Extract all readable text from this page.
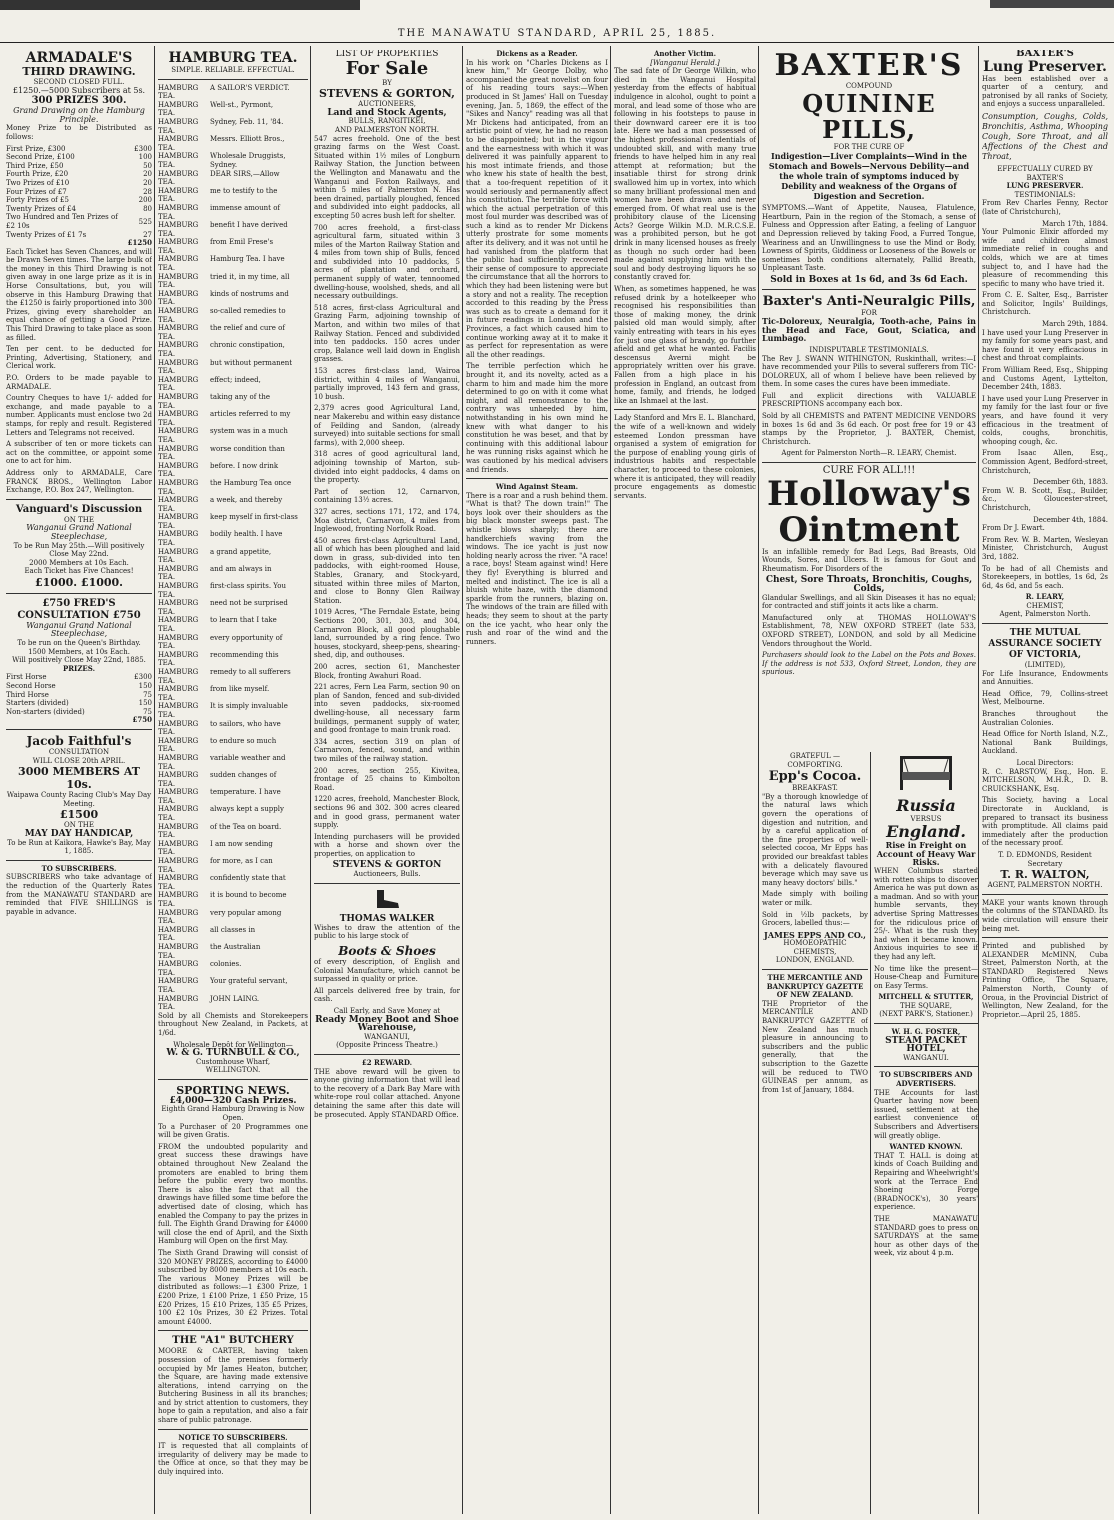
THE MANAWATU STANDARD, APRIL 25, 1885.
ARMADALE'S
THIRD DRAWING.
SECOND CLOSED FULL.
£1250.—5000 Subscribers at 5s.
300 PRIZES 300.
Grand Drawing on the Hamburg Principle.

Money Prize to be Distributed as follows:

First Prize, £300	£300
Second Prize, £100	100
Third Prize, £50	50
Fourth Prize, £20	20
Two Prizes of £10	20
Four Prizes of £7	28
Forty Prizes of £5	200
Twenty Prizes of £4	80
Two Hundred and Ten Prizes of £2 10s	525
Twenty Prizes of £1 7s	27
	£1250

Each Ticket has Seven Chances, and will be Drawn Seven times. The large bulk of the money in this Third Drawing is not given away in one large prize as it is in Horse Consultations, but, you will observe in this Hamburg Drawing that the £1250 is fairly proportioned into 300 Prizes, giving every shareholder an equal chance of getting a Good Prize. This Third Drawing to take place as soon as filled.

Ten per cent. to be deducted for Printing, Advertising, Stationery, and Clerical work.

P.O. Orders to be made payable to ARMADALE.

Country Cheques to have 1/- added for exchange, and made payable to a number. Applicants must enclose two 2d stamps, for reply and result. Registered Letters and Telegrams not received.

A subscriber of ten or more tickets can act on the committee, or appoint some one to act for him.

Address only to ARMADALE, Care FRANCK BROS., Wellington Labor Exchange, P.O. Box 247, Wellington.

Vanguard's Discussion
ON THE
Wanganui Grand National Steeplechase,
To be Run May 25th.—Will positively Close May 22nd.
2000 Members at 10s Each.
Each Ticket has Five Chances!
£1000. £1000.
£750 FRED'S CONSULTATION £750
Wanganui Grand National Steeplechase,
To be run on the Queen's Birthday.
1500 Members, at 10s Each.
Will positively Close May 22nd, 1885.
PRIZES.
First Horse	£300
Second Horse	150
Third Horse	75
Starters (divided)	150
Non-starters (divided)	75
	£750
Jacob Faithful's
CONSULTATION
WILL CLOSE 20th APRIL.
3000 MEMBERS AT 10s.
Waipawa County Racing Club's May Day Meeting.
£1500
ON THE
MAY DAY HANDICAP,
To be Run at Kaikora, Hawke's Bay, May 1, 1885.
TO SUBSCRIBERS.

SUBSCRIBERS who take advantage of the reduction of the Quarterly Rates from the MANAWATU STANDARD are reminded that FIVE SHILLINGS is payable in advance.

HAMBURG TEA.
SIMPLE. RELIABLE. EFFECTUAL.
HAMBURG TEA.
A SAILOR'S VERDICT.
HAMBURG TEA.
Well-st., Pyrmont,
HAMBURG TEA.
Sydney, Feb. 11, '84.
HAMBURG TEA.
Messrs. Elliott Bros.,
HAMBURG TEA.
Wholesale Druggists, Sydney.
HAMBURG TEA.
DEAR SIRS,—Allow
HAMBURG TEA.
me to testify to the
HAMBURG TEA.
immense amount of
HAMBURG TEA.
benefit I have derived
HAMBURG TEA.
from Emil Frese's
HAMBURG TEA.
Hamburg Tea. I have
HAMBURG TEA.
tried it, in my time, all
HAMBURG TEA.
kinds of nostrums and
HAMBURG TEA.
so-called remedies to
HAMBURG TEA.
the relief and cure of
HAMBURG TEA.
chronic constipation,
HAMBURG TEA.
but without permanent
HAMBURG TEA.
effect; indeed,
HAMBURG TEA.
taking any of the
HAMBURG TEA.
articles referred to my
HAMBURG TEA.
system was in a much
HAMBURG TEA.
worse condition than
HAMBURG TEA.
before. I now drink
HAMBURG TEA.
the Hamburg Tea once
HAMBURG TEA.
a week, and thereby
HAMBURG TEA.
keep myself in first-class
HAMBURG TEA.
bodily health. I have
HAMBURG TEA.
a grand appetite,
HAMBURG TEA.
and am always in
HAMBURG TEA.
first-class spirits. You
HAMBURG TEA.
need not be surprised
HAMBURG TEA.
to learn that I take
HAMBURG TEA.
every opportunity of
HAMBURG TEA.
recommending this
HAMBURG TEA.
remedy to all sufferers
HAMBURG TEA.
from like myself.
HAMBURG TEA.
It is simply invaluable
HAMBURG TEA.
to sailors, who have
HAMBURG TEA.
to endure so much
HAMBURG TEA.
variable weather and
HAMBURG TEA.
sudden changes of
HAMBURG TEA.
temperature. I have
HAMBURG TEA.
always kept a supply
HAMBURG TEA.
of the Tea on board.
HAMBURG TEA.
I am now sending
HAMBURG TEA.
for more, as I can
HAMBURG TEA.
confidently state that
HAMBURG TEA.
it is bound to become
HAMBURG TEA.
very popular among
HAMBURG TEA.
all classes in
HAMBURG TEA.
the Australian
HAMBURG TEA.
colonies.
HAMBURG TEA.
Your grateful servant,
HAMBURG TEA.
JOHN LAING.

Sold by all Chemists and Storekeepers throughout New Zealand, in Packets, at 1/6d.

Wholesale Depôt for Wellington—
W. & G. TURNBULL & CO.,
Customhouse Wharf,
WELLINGTON.
SPORTING NEWS.
£4,000—320 Cash Prizes.
Eighth Grand Hamburg Drawing is Now Open.

To a Purchaser of 20 Programmes one will be given Gratis.

FROM the undoubted popularity and great success these drawings have obtained throughout New Zealand the promoters are enabled to bring them before the public every two months. There is also the fact that all the drawings have filled some time before the advertised date of closing, which has enabled the Company to pay the prizes in full. The Eighth Grand Drawing for £4000 will close the end of April, and the Sixth Hamburg will Open on the first May.

The Sixth Grand Drawing will consist of 320 MONEY PRIZES, according to £4000 subscribed by 8000 members at 10s each. The various Money Prizes will be distributed as follows:—1 £300 Prize, 1 £200 Prize, 1 £100 Prize, 1 £50 Prize, 15 £20 Prizes, 15 £10 Prizes, 135 £5 Prizes, 100 £2 10s Prizes, 30 £2 Prizes. Total amount £4000.

THE "A1" BUTCHERY

MOORE & CARTER, having taken possession of the premises formerly occupied by Mr James Heaton, butcher, the Square, are having made extensive alterations, intend carrying on the Butchering Business in all its branches; and by strict attention to customers, they hope to gain a reputation, and also a fair share of public patronage.

NOTICE TO SUBSCRIBERS.

IT is requested that all complaints of irregularity of delivery may be made to the Office at once, so that they may be duly inquired into.

LIST OF PROPERTIES
For Sale
BY
STEVENS & GORTON,
AUCTIONEERS,
Land and Stock Agents,
BULLS, RANGITIKEI,
AND PALMERSTON NORTH.

547 acres freehold. One of the best grazing farms on the West Coast. Situated within 1½ miles of Longburn Railway Station, the Junction between the Wellington and Manawatu and the Wanganui and Foxton Railways, and within 5 miles of Palmerston N. Has been drained, partially ploughed, fenced and subdivided into eight paddocks, all excepting 50 acres bush left for shelter.

700 acres freehold, a first-class agricultural farm, situated within 3 miles of the Marton Railway Station and 4 miles from town ship of Bulls, fenced and subdivided into 10 paddocks, 5 acres of plantation and orchard, permanent supply of water, tennoomed dwelling-house, woolshed, sheds, and all necessary outbuildings.

518 acres, first-class Agricultural and Grazing Farm, adjoining township of Marton, and within two miles of that Railway Station. Fenced and subdivided into ten paddocks. 150 acres under crop, Balance well laid down in English grasses.

153 acres first-class land, Wairoa district, within 4 miles of Wanganui, partially improved, 143 fern and grass, 10 bush.

2,379 acres good Agricultural Land, near Makerebu and within easy distance of Feilding and Sandon, (already surveyed) into suitable sections for small farms), with 2,000 sheep.

318 acres of good agricultural land, adjoining township of Marton, sub-divided into eight paddocks, 4 dams on the property.

Part of section 12, Carnarvon, containing 13½ acres.

327 acres, sections 171, 172, and 174, Moa district, Carnarvon, 4 miles from Inglewood, fronting Norfolk Road.

450 acres first-class Agricultural Land, all of which has been ploughed and laid down in grass, sub-divided into ten paddocks, with eight-roomed House, Stables, Granary, and Stock-yard, situated within three miles of Marton, and close to Bonny Glen Railway Station.

1019 Acres, "The Ferndale Estate, being Sections 200, 301, 303, and 304, Carnarvon Block, all good ploughable land, surrounded by a ring fence. Two houses, stockyard, sheep-pens, shearing-shed, dip, and outhouses.

200 acres, section 61, Manchester Block, fronting Awahuri Road.

221 acres, Fern Lea Farm, section 90 on plan of Sandon, fenced and sub-divided into seven paddocks, six-roomed dwelling-house, all necessary farm buildings, permanent supply of water, and good frontage to main trunk road.

334 acres, section 319 on plan of Carnarvon, fenced, sound, and within two miles of the railway station.

200 acres, section 255, Kiwitea, frontage of 25 chains to Kimbolton Road.

1220 acres, freehold, Manchester Block, sections 96 and 302. 300 acres cleared and in good grass, permanent water supply.

Intending purchasers will be provided with a horse and shown over the properties, on application to

STEVENS & GORTON
Auctioneers, Bulls.
THOMAS WALKER

Wishes to draw the attention of the public to his large stock of

Boots & Shoes

of every description, of English and Colonial Manufacture, which cannot be surpassed in quality or price.

All parcels delivered free by train, for cash.

Call Early, and Save Money at
Ready Money Boot and Shoe Warehouse,
WANGANUI,
(Opposite Princess Theatre.)
£2 REWARD.

THE above reward will be given to anyone giving information that will lead to the recovery of a Dark Bay Mare with white-rope roul collar attached. Anyone detaining the same after this date will be prosecuted. Apply STANDARD Office.

Dickens as a Reader.

In his work on "Charles Dickens as I knew him," Mr George Dolby, who accompanied the great novelist on four of his reading tours says:—When produced in St James' Hall on Tuesday evening, Jan. 5, 1869, the effect of the "Sikes and Nancy" reading was all that Mr Dickens had anticipated, from an artistic point of view, he had no reason to be disappointed; but in the vigour and the earnestness with which it was delivered it was painfully apparent to his most intimate friends, and those who knew his state of health the best, that a too-frequent repetition of it would seriously and permanently affect his constitution. The terrible force with which the actual perpetration of this most foul murder was described was of such a kind as to render Mr Dickens utterly prostrate for some moments after its delivery, and it was not until he had vanished from the platform that the public had sufficiently recovered their sense of composure to appreciate the circumstance that all the horrors to which they had been listening were but a story and not a reality. The reception accorded to this reading by the Press was such as to create a demand for it in future readings in London and the Provinces, a fact which caused him to continue working away at it to make it as perfect for representation as were all the other readings.

The terrible perfection which he brought it, and its novelty, acted as a charm to him and made him the more determined to go on with it come what might, and all remonstrance to the contrary was unheeded by him, notwithstanding in his own mind he knew with what danger to his constitution he was beset, and that by continuing with this additional labour he was running risks against which he was cautioned by his medical advisers and friends.

Wind Against Steam.

There is a roar and a rush behind them. "What is that? The down train!" The boys look over their shoulders as the big black monster sweeps past. The whistle blows sharply; there are handkerchiefs waving from the windows. The ice yacht is just now holding nearly across the river. "A race! a race, boys! Steam against wind! Here they fly! Everything is blurred and melted and indistinct. The ice is all a bluish white haze, with the diamond sparkle from the runners, blazing on. The windows of the train are filled with heads; they seem to shout at the party on the ice yacht, who hear only the rush and roar of the wind and the runners.

Another Victim.
[Wanganui Herald.]

The sad fate of Dr George Wilkin, who died in the Wanganui Hospital yesterday from the effects of habitual indulgence in alcohol, ought to point a moral, and lead some of those who are following in his footsteps to pause in their downward career ere it is too late. Here we had a man possessed of the highest professional credentials of undoubted skill, and with many true friends to have helped him in any real attempt at reformation; but the insatiable thirst for strong drink swallowed him up in vortex, into which so many brilliant professional men and women have been drawn and never emerged from. Of what real use is the prohibitory clause of the Licensing Acts? George Wilkin M.D. M.R.C.S.E. was a prohibited person, but he got drink in many licensed houses as freely as though no such order had been made against supplying him with the soul and body destroying liquors he so constantly craved for.

When, as sometimes happened, he was refused drink by a hotelkeeper who recognised his responsibilities than those of making money, the drink palsied old man would simply, after vainly entreating with tears in his eyes for just one glass of brandy, go further afield and get what he wanted. Facilis descensus Averni might be appropriately written over his grave. Fallen from a high place in his profession in England, an outcast from home, family, and friends, he lodged like an Ishmael at the last.

Lady Stanford and Mrs E. L. Blanchard,

the wife of a well-known and widely esteemed London pressman have organised a system of emigration for the purpose of enabling young girls of industrious habits and respectable character, to proceed to these colonies, where it is anticipated, they will readily procure engagements as domestic servants.

BAXTER'S
COMPOUND
QUININE PILLS,
FOR THE CURE OF

Indigestion—Liver Complaints—Wind in the Stomach and Bowels—Nervous Debility—and the whole train of symptoms induced by Debility and weakness of the Organs of Digestion and Secretion.

SYMPTOMS.—Want of Appetite, Nausea, Flatulence, Heartburn, Pain in the region of the Stomach, a sense of Fulness and Oppression after Eating, a feeling of Languor and Depression relieved by taking Food, a Furred Tongue, Weariness and an Unwillingness to use the Mind or Body, Lowness of Spirits, Giddiness or Looseness of the Bowels or sometimes both conditions alternately, Pallid Breath, Unpleasant Taste.

Sold in Boxes at 1s 6d, and 3s 6d Each.
Baxter's Anti-Neuralgic Pills,
FOR

Tic-Doloreux, Neuralgia, Tooth-ache, Pains in the Head and Face, Gout, Sciatica, and Lumbago.

INDISPUTABLE TESTIMONIALS.

The Rev J. SWANN WITHINGTON, Ruskinthall, writes:—I have recommended your Pills to several sufferers from TIC-DOLOREUX, all of whom I believe have been relieved by them. In some cases the cures have been immediate.

Full and explicit directions with VALUABLE PRESCRIPTIONS accompany each box.

Sold by all CHEMISTS and PATENT MEDICINE VENDORS in boxes 1s 6d and 3s 6d each. Or post free for 19 or 43 stamps by the Proprietor, J. BAXTER, Chemist, Christchurch.

Agent for Palmerston North—R. LEARY, Chemist.
CURE FOR ALL!!!
Holloway's Ointment

Is an infallible remedy for Bad Legs, Bad Breasts, Old Wounds, Sores, and Ulcers. It is famous for Gout and Rheumatism. For Disorders of the

Chest, Sore Throats, Bronchitis, Coughs, Colds,

Glandular Swellings, and all Skin Diseases it has no equal; for contracted and stiff joints it acts like a charm.

Manufactured only at THOMAS HOLLOWAY'S Establishment, 78, NEW OXFORD STREET (late 533, OXFORD STREET), LONDON, and sold by all Medicine Vendors throughout the World.

Purchasers should look to the Label on the Pots and Boxes. If the address is not 533, Oxford Street, London, they are spurious.

GRATEFUL — COMFORTING.
Epp's Cocoa.
BREAKFAST.

"By a thorough knowledge of the natural laws which govern the operations of digestion and nutrition, and by a careful application of the fine properties of well-selected cocoa, Mr Epps has provided our breakfast tables with a delicately flavoured beverage which may save us many heavy doctors' bills."

Made simply with boiling water or milk.

Sold in ½lb packets, by Grocers, labelled thus:—

JAMES EPPS AND CO.,
HOMOEOPATHIC CHEMISTS,
LONDON, ENGLAND.
THE MERCANTILE AND BANKRUPTCY GAZETTE OF NEW ZEALAND.

THE Proprietor of the MERCANTILE AND BANKRUPTCY GAZETTE of New Zealand has much pleasure in announcing to subscribers and the public generally, that the subscription to the Gazette will be reduced to TWO GUINEAS per annum, as from 1st of January, 1884.

Russia
VERSUS
England.
Rise in Freight on Account of Heavy War Risks.

WHEN Columbus started with rotten ships to discover America he was put down as a madman. And so with your humble servants, they advertise Spring Mattresses for the ridiculous price of 25/-. What is the rush they had when it became known. Anxious inquiries to see if they had any left.

No time like the present—House-Cheap and Furniture on Easy Terms.

MITCHELL & STUTTER,
THE SQUARE,
(NEXT PARK'S, Stationer.)
W. H. G. FOSTER,
STEAM PACKET HOTEL,
WANGANUI.
TO SUBSCRIBERS AND ADVERTISERS.

THE Accounts for last Quarter having now been issued, settlement at the earliest convenience of Subscribers and Advertisers will greatly oblige.

WANTED KNOWN.

THAT T. HALL is doing at kinds of Coach Building and Repairing and Wheelwright's work at the Terrace End Shoeing Forge (BRADNOCK's), 30 years' experience.

THE MANAWATU STANDARD goes to press on SATURDAYS at the same hour as other days of the week, viz about 4 p.m.

BAXTER'S
Lung Preserver.

Has been established over a quarter of a century, and patronised by all ranks of Society, and enjoys a success unparalleled.

Consumption, Coughs, Colds, Bronchitis, Asthma, Whooping Cough, Sore Throat, and all Affections of the Chest and Throat,

EFFECTUALLY CURED BY
BAXTER'S
LUNG PRESERVER.
TESTIMONIALS:

From Rev Charles Fenny, Rector (late of Christchurch),

March 17th, 1884.

Your Pulmonic Elixir afforded my wife and children almost immediate relief in coughs and colds, which we are at times subject to, and I have had the pleasure of recommending this specific to many who have tried it.

From C. E. Salter, Esq., Barrister and Solicitor, Ingils' Buildings, Christchurch.

March 29th, 1884.

I have used your Lung Preserver in my family for some years past, and have found it very efficacious in chest and throat complaints.

From William Reed, Esq., Shipping and Customs Agent, Lyttelton, December 24th, 1883.

I have used your Lung Preserver in my family for the last four or five years, and have found it very efficacious in the treatment of colds, coughs, bronchitis, whooping cough, &c.

From Isaac Allen, Esq., Commission Agent, Bedford-street, Christchurch,

December 6th, 1883.

From W. B. Scott, Esq., Builder, &c., Gloucester-street, Christchurch,

December 4th, 1884.

From Dr J. Ewart.

From Rev. W. B. Marten, Wesleyan Minister, Christchurch, August 3rd, 1882.

To be had of all Chemists and Storekeepers, in bottles, 1s 6d, 2s 6d, 4s 6d, and 5s each.

R. LEARY,
CHEMIST,
Agent, Palmerston North.
THE MUTUAL ASSURANCE SOCIETY OF VICTORIA,
(LIMITED),

For Life Insurance, Endowments and Annuities.

Head Office, 79, Collins-street West, Melbourne.

Branches throughout the Australian Colonies.

Head Office for North Island, N.Z., National Bank Buildings, Auckland.

Local Directors:

R. C. BARSTOW, Esq., Hon. E. MITCHELSON, M.H.R., D. B. CRUICKSHANK, Esq.

This Society, having a Local Directorate in Auckland, is prepared to transact its business with promptitude. All claims paid immediately after the production of the necessary proof.

T. D. EDMONDS, Resident Secretary
T. R. WALTON,
AGENT, PALMERSTON NORTH.

MAKE your wants known through the columns of the STANDARD. Its wide circulation will ensure their being met.

Printed and published by ALEXANDER McMINN, Cuba Street, Palmerston North, at the STANDARD Registered News Printing Office, The Square, Palmerston North, County of Oroua, in the Provincial District of Wellington, New Zealand, for the Proprietor.—April 25, 1885.
